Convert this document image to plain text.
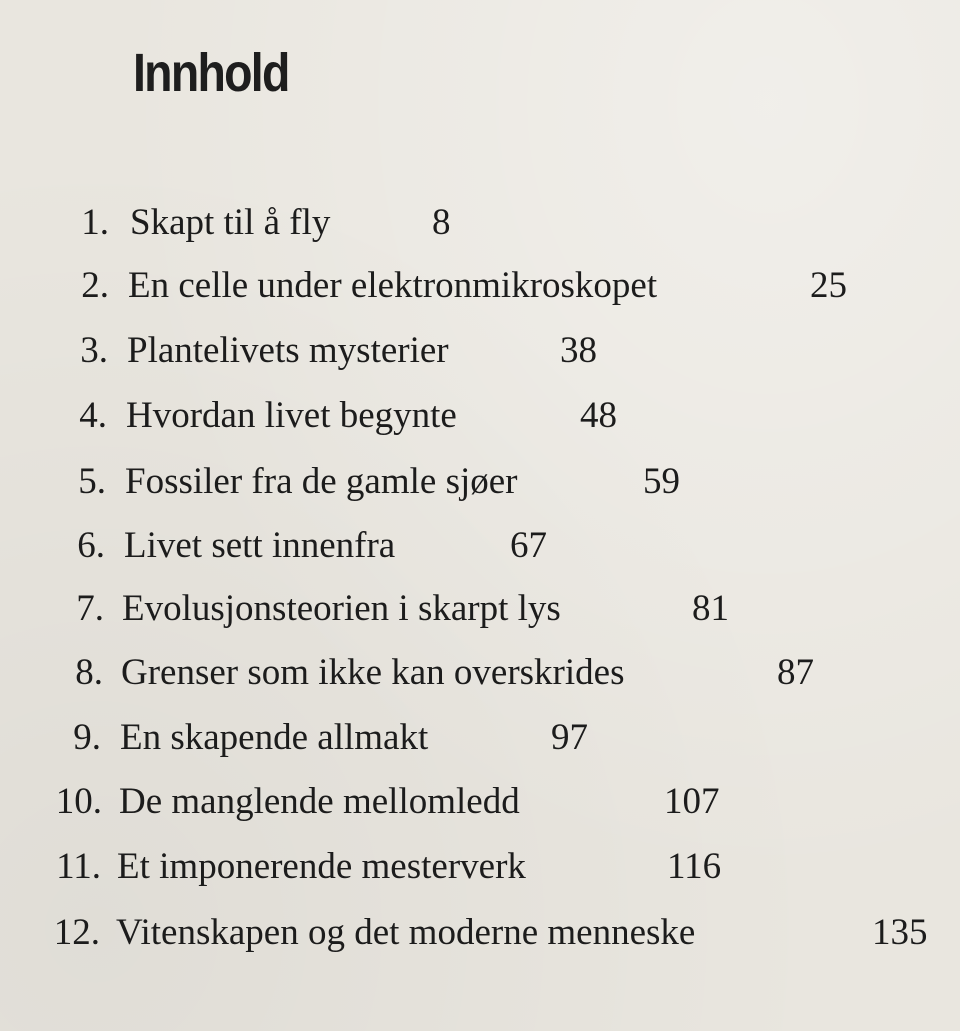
Innhold
1. Skapt til å fly	8
2. En celle under elektronmikroskopet	25
3. Plantelivets mysterier	38
4. Hvordan livet begynte	48
5. Fossiler fra de gamle sjøer	59
6. Livet sett innenfra	67
7. Evolusjonsteorien i skarpt lys	81
8. Grenser som ikke kan overskrides	87
9. En skapende allmakt	97
10. De manglende mellomledd	107
11. Et imponerende mesterverk	116
12. Vitenskapen og det moderne menneske	135
